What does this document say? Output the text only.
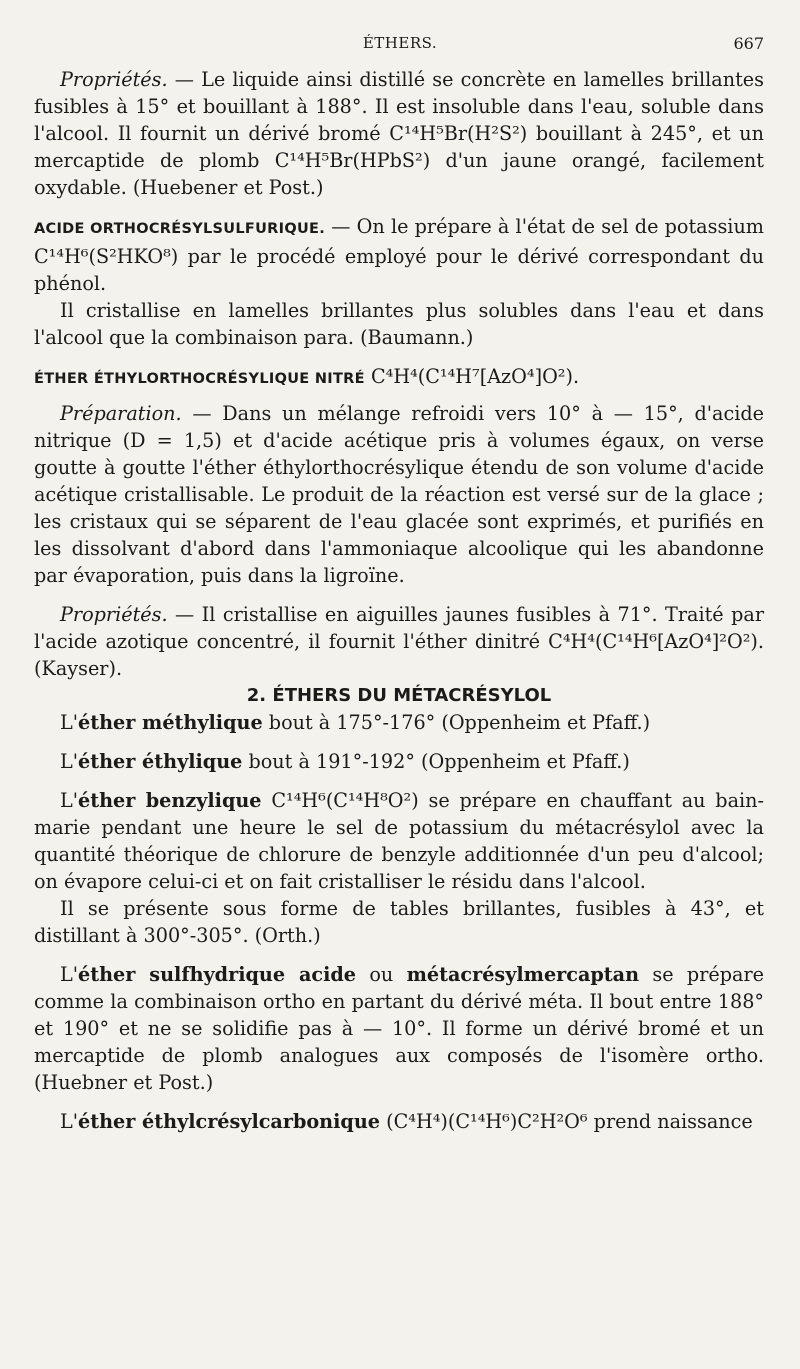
ÉTHERS.	667

Propriétés. — Le liquide ainsi distillé se concrète en lamelles brillantes fusibles à 15° et bouillant à 188°. Il est insoluble dans l'eau, soluble dans l'alcool. Il fournit un dérivé bromé C¹⁴H⁵Br(H²S²) bouillant à 245°, et un mercaptide de plomb C¹⁴H⁵Br(HPbS²) d'un jaune orangé, facilement oxydable. (Huebener et Post.)

ACIDE ORTHOCRÉSYLSULFURIQUE. — On le prépare à l'état de sel de potassium C¹⁴H⁶(S²HKO⁸) par le procédé employé pour le dérivé correspondant du phénol.

Il cristallise en lamelles brillantes plus solubles dans l'eau et dans l'alcool que la combinaison para. (Baumann.)

ÉTHER ÉTHYLORTHOCRÉSYLIQUE NITRÉ C⁴H⁴(C¹⁴H⁷[AzO⁴]O²).

Préparation. — Dans un mélange refroidi vers 10° à — 15°, d'acide nitrique (D = 1,5) et d'acide acétique pris à volumes égaux, on verse goutte à goutte l'éther éthylorthocrésylique étendu de son volume d'acide acétique cristallisable. Le produit de la réaction est versé sur de la glace ; les cristaux qui se séparent de l'eau glacée sont exprimés, et purifiés en les dissolvant d'abord dans l'ammoniaque alcoolique qui les abandonne par évaporation, puis dans la ligroïne.

Propriétés. — Il cristallise en aiguilles jaunes fusibles à 71°. Traité par l'acide azotique concentré, il fournit l'éther dinitré C⁴H⁴(C¹⁴H⁶[AzO⁴]²O²). (Kayser).

2. ÉTHERS DU MÉTACRÉSYLOL

L'éther méthylique bout à 175°-176° (Oppenheim et Pfaff.)

L'éther éthylique bout à 191°-192° (Oppenheim et Pfaff.)

L'éther benzylique C¹⁴H⁶(C¹⁴H⁸O²) se prépare en chauffant au bain-marie pendant une heure le sel de potassium du métacrésylol avec la quantité théorique de chlorure de benzyle additionnée d'un peu d'alcool; on évapore celui-ci et on fait cristalliser le résidu dans l'alcool.

Il se présente sous forme de tables brillantes, fusibles à 43°, et distillant à 300°-305°. (Orth.)

L'éther sulfhydrique acide ou métacrésylmercaptan se prépare comme la combinaison ortho en partant du dérivé méta. Il bout entre 188° et 190° et ne se solidifie pas à — 10°. Il forme un dérivé bromé et un mercaptide de plomb analogues aux composés de l'isomère ortho. (Huebner et Post.)

L'éther éthylcrésylcarbonique (C⁴H⁴)(C¹⁴H⁶)C²H²O⁶ prend naissance
